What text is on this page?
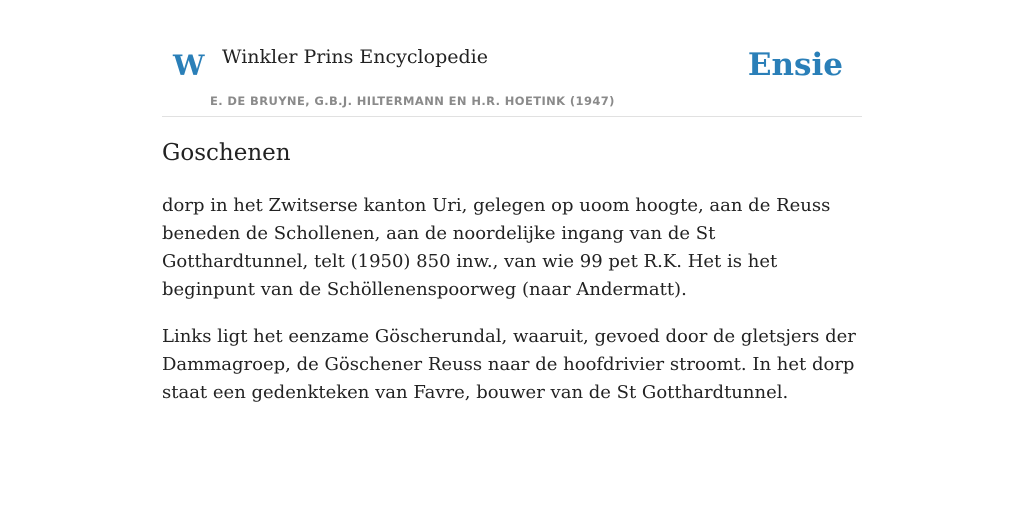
W Winkler Prins Encyclopedie
E. DE BRUYNE, G.B.J. HILTERMANN EN H.R. HOETINK (1947)
Ensie
Goschenen

dorp in het Zwitserse kanton Uri, gelegen op uoom hoogte, aan de Reuss beneden de Schollenen, aan de noordelijke ingang van de St Gotthardtunnel, telt (1950) 850 inw., van wie 99 pet R.K. Het is het beginpunt van de Schöllenenspoorweg (naar Andermatt).

Links ligt het eenzame Göscherundal, waaruit, gevoed door de gletsjers der Dammagroep, de Göschener Reuss naar de hoofdrivier stroomt. In het dorp staat een gedenkteken van Favre, bouwer van de St Gotthardtunnel.
